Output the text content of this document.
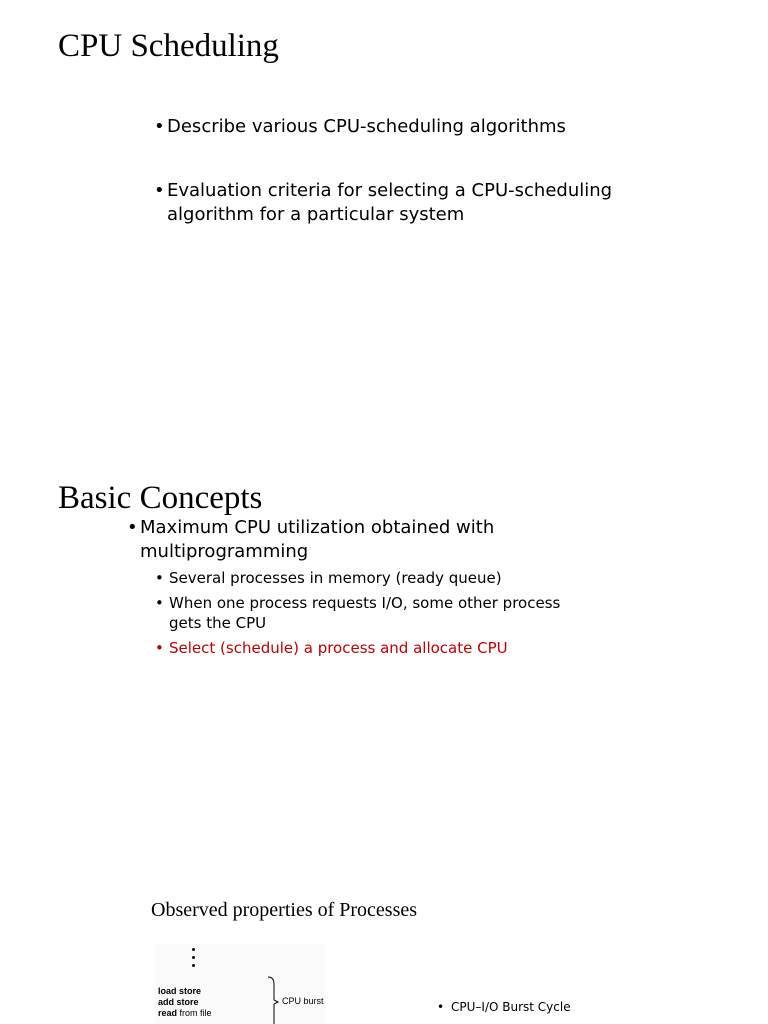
CPU Scheduling
• Describe various CPU-scheduling algorithms
• Evaluation criteria for selecting a CPU-scheduling algorithm for a particular system
Basic Concepts
• Maximum CPU utilization obtained with multiprogramming
• Several processes in memory (ready queue)
• When one process requests I/O, some other process gets the CPU
• Select (schedule) a process and allocate CPU
Observed properties of Processes
load store
add store
read from file
CPU burst
•	CPU–I/O Burst Cycle
